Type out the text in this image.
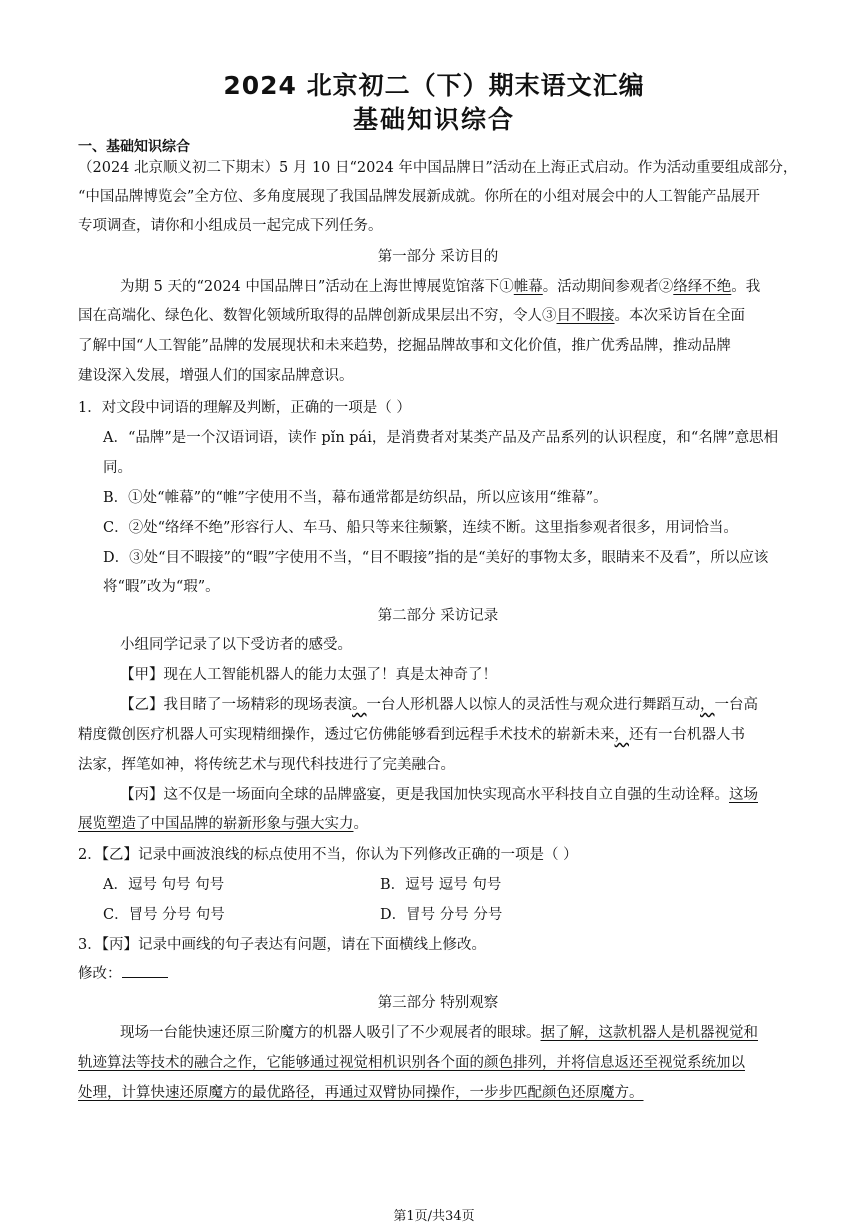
2024 北京初二（下）期末语文汇编
基础知识综合
一、基础知识综合
（2024 北京顺义初二下期末）5 月 10 日“2024 年中国品牌日”活动在上海正式启动。作为活动重要组成部分，
“中国品牌博览会”全方位、多角度展现了我国品牌发展新成就。你所在的小组对展会中的人工智能产品展开
专项调查，请你和小组成员一起完成下列任务。
第一部分 采访目的
为期 5 天的“2024 中国品牌日”活动在上海世博展览馆落下①帷幕。活动期间参观者②络绎不绝。我
国在高端化、绿色化、数智化领域所取得的品牌创新成果层出不穷，令人③目不暇接。本次采访旨在全面
了解中国“人工智能”品牌的发展现状和未来趋势，挖掘品牌故事和文化价值，推广优秀品牌，推动品牌
建设深入发展，增强人们的国家品牌意识。
1．对文段中词语的理解及判断，正确的一项是（ ）
A．“品牌”是一个汉语词语，读作 pǐn pái，是消费者对某类产品及产品系列的认识程度，和“名牌”意思相
同。
B．①处“帷幕”的“帷”字使用不当，幕布通常都是纺织品，所以应该用“维幕”。
C．②处“络绎不绝”形容行人、车马、船只等来往频繁，连续不断。这里指参观者很多，用词恰当。
D．③处“目不暇接”的“暇”字使用不当，“目不暇接”指的是“美好的事物太多，眼睛来不及看”，所以应该
将“暇”改为“瑕”。
第二部分 采访记录
小组同学记录了以下受访者的感受。
【甲】现在人工智能机器人的能力太强了！真是太神奇了！
【乙】我目睹了一场精彩的现场表演。一台人形机器人以惊人的灵活性与观众进行舞蹈互动，一台高
精度微创医疗机器人可实现精细操作，透过它仿佛能够看到远程手术技术的崭新未来，还有一台机器人书
法家，挥笔如神，将传统艺术与现代科技进行了完美融合。
【丙】这不仅是一场面向全球的品牌盛宴，更是我国加快实现高水平科技自立自强的生动诠释。这场
展览塑造了中国品牌的崭新形象与强大实力。
2．【乙】记录中画波浪线的标点使用不当，你认为下列修改正确的一项是（ ）
A．逗号 句号 句号	B．逗号 逗号 句号
C．冒号 分号 句号	D．冒号 分号 分号
3．【丙】记录中画线的句子表达有问题，请在下面横线上修改。
修改：
第三部分 特别观察
现场一台能快速还原三阶魔方的机器人吸引了不少观展者的眼球。据了解，这款机器人是机器视觉和
轨迹算法等技术的融合之作，它能够通过视觉相机识别各个面的颜色排列，并将信息返还至视觉系统加以
处理，计算快速还原魔方的最优路径，再通过双臂协同操作，一步步匹配颜色还原魔方。
第1页/共34页
